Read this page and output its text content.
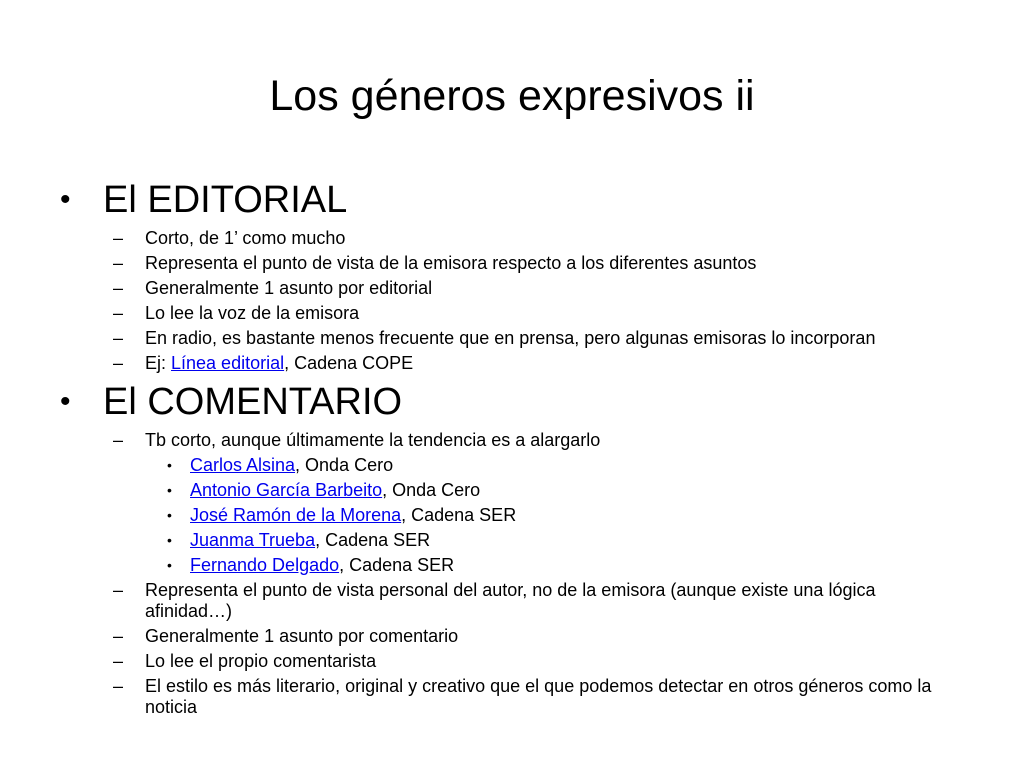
Los géneros expresivos ii
• El EDITORIAL
– Corto, de 1’ como mucho
– Representa el punto de vista de la emisora respecto a los diferentes asuntos
– Generalmente 1 asunto por editorial
– Lo lee la voz de la emisora
– En radio, es bastante menos frecuente que en prensa, pero algunas emisoras lo incorporan
– Ej: Línea editorial, Cadena COPE
• El COMENTARIO
– Tb corto, aunque últimamente la tendencia es a alargarlo
• Carlos Alsina, Onda Cero
• Antonio García Barbeito, Onda Cero
• José Ramón de la Morena, Cadena SER
• Juanma Trueba, Cadena SER
• Fernando Delgado, Cadena SER
– Representa el punto de vista personal del autor, no de la emisora (aunque existe una lógica afinidad…)
– Generalmente 1 asunto por comentario
– Lo lee el propio comentarista
– El estilo es más literario, original y creativo que el que podemos detectar en otros géneros como la noticia
